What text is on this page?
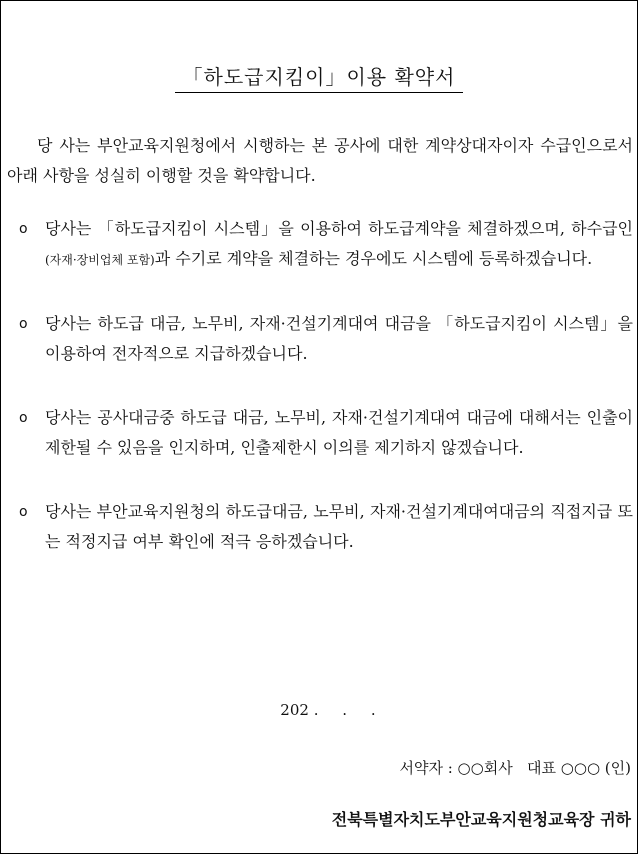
「하도급지킴이」이용 확약서

당 사는 부안교육지원청에서 시행하는 본 공사에 대한 계약상대자이자 수급인으로서 아래 사항을 성실히 이행할 것을 확약합니다.

o 당사는 「하도급지킴이 시스템」을 이용하여 하도급계약을 체결하겠으며, 하수급인(자재·장비업체 포함)과 수기로 계약을 체결하는 경우에도 시스템에 등록하겠습니다.
o 당사는 하도급 대금, 노무비, 자재·건설기계대여 대금을 「하도급지킴이 시스템」을 이용하여 전자적으로 지급하겠습니다.
o 당사는 공사대금중 하도급 대금, 노무비, 자재·건설기계대여 대금에 대해서는 인출이 제한될 수 있음을 인지하며, 인출제한시 이의를 제기하지 않겠습니다.
o 당사는 부안교육지원청의 하도급대금, 노무비, 자재·건설기계대여대금의 직접지급 또는 적정지급 여부 확인에 적극 응하겠습니다.
202 .     .     .
서약자 : ○○회사   대표 ○○○ (인)
전북특별자치도부안교육지원청교육장 귀하
